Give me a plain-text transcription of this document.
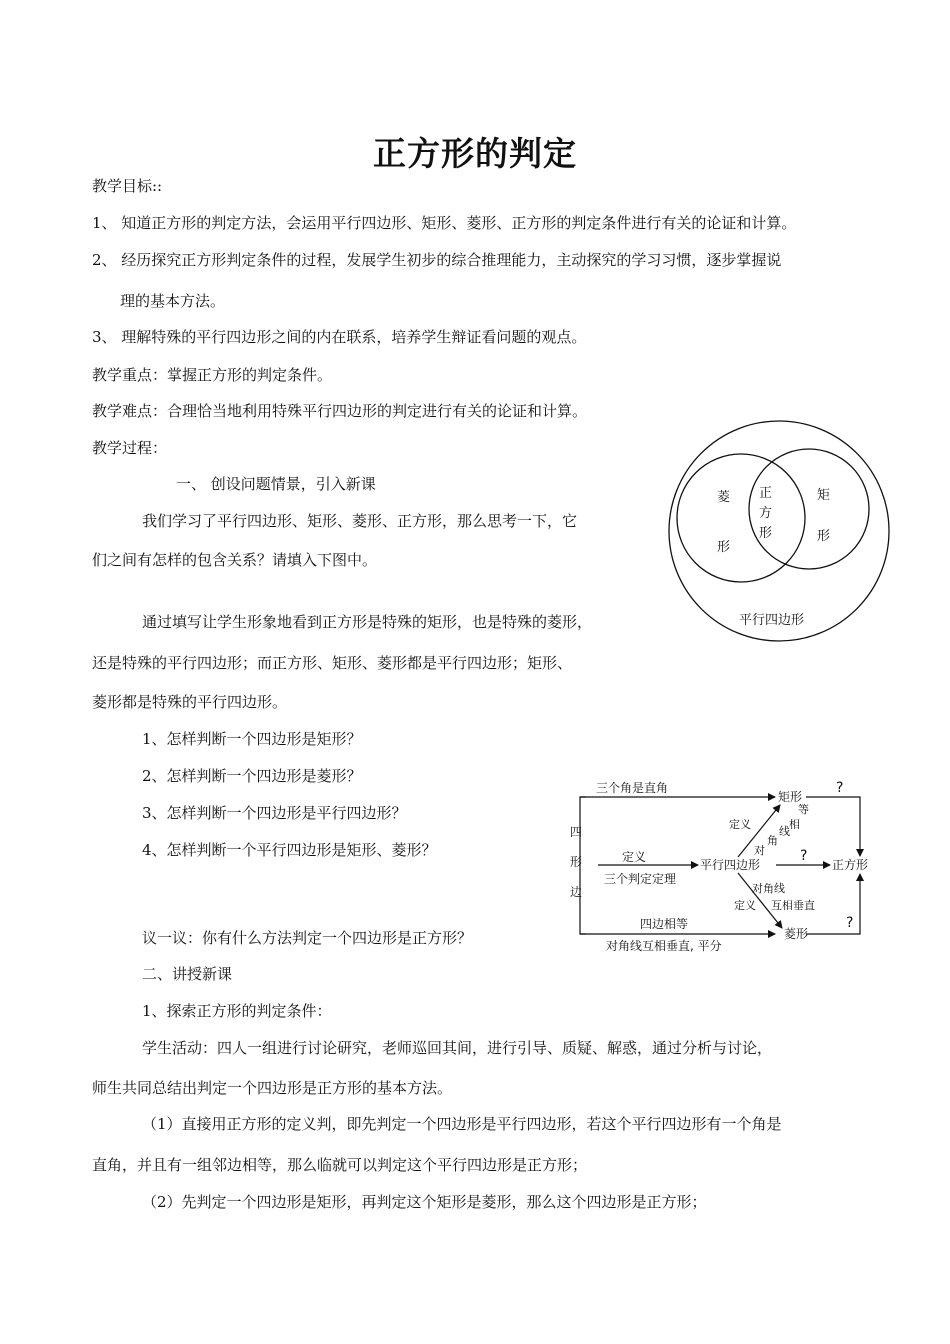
正方形的判定
教学目标::
1、 知道正方形的判定方法，会运用平行四边形、矩形、菱形、正方形的判定条件进行有关的论证和计算。
2、 经历探究正方形判定条件的过程，发展学生初步的综合推理能力，主动探究的学习习惯，逐步掌握说
理的基本方法。
3、 理解特殊的平行四边形之间的内在联系，培养学生辩证看问题的观点。
教学重点：掌握正方形的判定条件。
教学难点：合理恰当地利用特殊平行四边形的判定进行有关的论证和计算。
教学过程：
一、 创设问题情景，引入新课
我们学习了平行四边形、矩形、菱形、正方形，那么思考一下，它
们之间有怎样的包含关系？请填入下图中。
通过填写让学生形象地看到正方形是特殊的矩形，也是特殊的菱形，
还是特殊的平行四边形；而正方形、矩形、菱形都是平行四边形；矩形、
菱形都是特殊的平行四边形。
1、怎样判断一个四边形是矩形？
2、怎样判断一个四边形是菱形？
3、怎样判断一个四边形是平行四边形？
4、怎样判断一个平行四边形是矩形、菱形？
议一议：你有什么方法判定一个四边形是正方形？
二、讲授新课
1、探索正方形的判定条件：
学生活动：四人一组进行讨论研究，老师巡回其间，进行引导、质疑、解惑，通过分析与讨论，
师生共同总结出判定一个四边形是正方形的基本方法。
（1）直接用正方形的定义判，即先判定一个四边形是平行四边形，若这个平行四边形有一个角是
直角，并且有一组邻边相等，那么临就可以判定这个平行四边形是正方形；
（2）先判定一个四边形是矩形，再判定这个矩形是菱形，那么这个四边形是正方形；
菱
形
正
方
形
矩
形
平行四边形
四
形
边
三个角是直角
矩形
定义
三个判定定理
平行四边形	正方形
定义
等
相
线
角
对
对角线
定义 互相垂直
四边相等
菱形
对角线互相垂直, 平分
?
?
?
